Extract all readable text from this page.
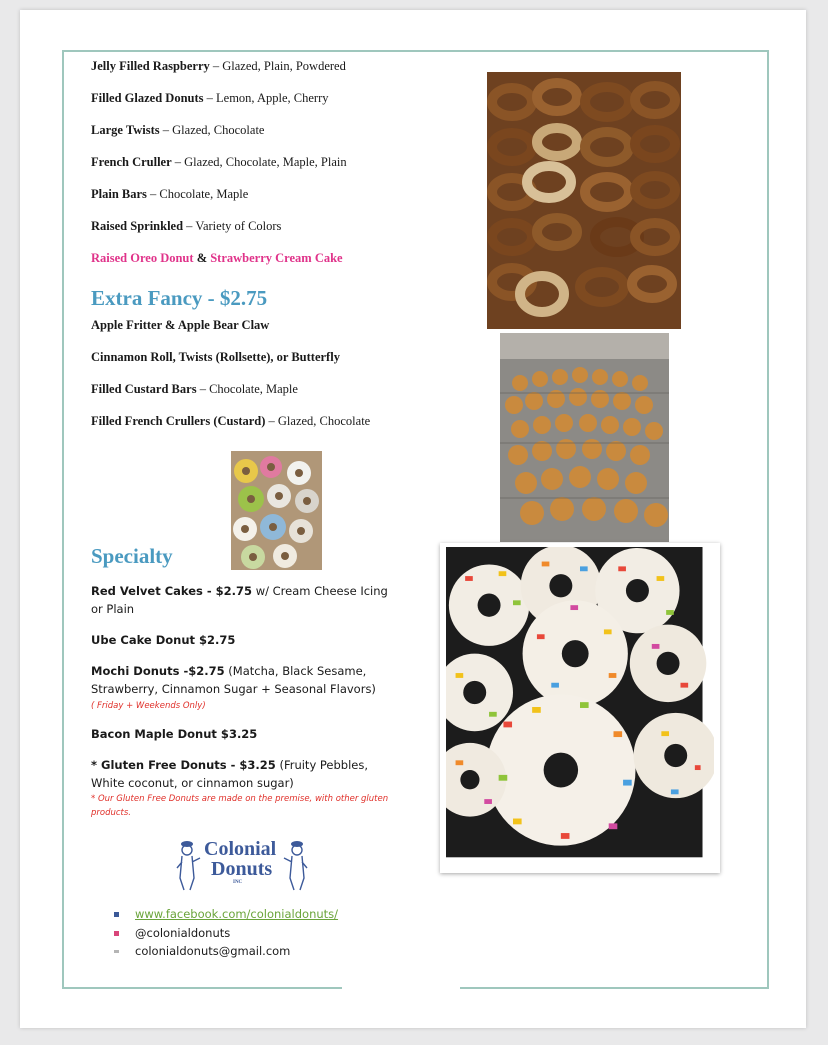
Jelly Filled Raspberry – Glazed, Plain, Powdered
Filled Glazed Donuts – Lemon, Apple, Cherry
Large Twists – Glazed, Chocolate
French Cruller – Glazed, Chocolate, Maple, Plain
Plain Bars – Chocolate, Maple
Raised Sprinkled – Variety of Colors
Raised Oreo Donut & Strawberry Cream Cake
Extra Fancy - $2.75
Apple Fritter & Apple Bear Claw
Cinnamon Roll, Twists (Rollsette), or Butterfly
Filled Custard Bars – Chocolate, Maple
Filled French Crullers (Custard) – Glazed, Chocolate
Specialty
Red Velvet Cakes - $2.75 w/ Cream Cheese Icing or Plain
Ube Cake Donut $2.75
Mochi Donuts -$2.75 (Matcha, Black Sesame, Strawberry, Cinnamon Sugar + Seasonal Flavors)
( Friday + Weekends Only)
Bacon Maple Donut $3.25
* Gluten Free Donuts - $3.25 (Fruity Pebbles, White coconut, or cinnamon sugar)
* Our Gluten Free Donuts are made on the premise, with other gluten products.
Colonial
Donuts
INC
www.facebook.com/colonialdonuts/
@colonialdonuts
colonialdonuts@gmail.com
